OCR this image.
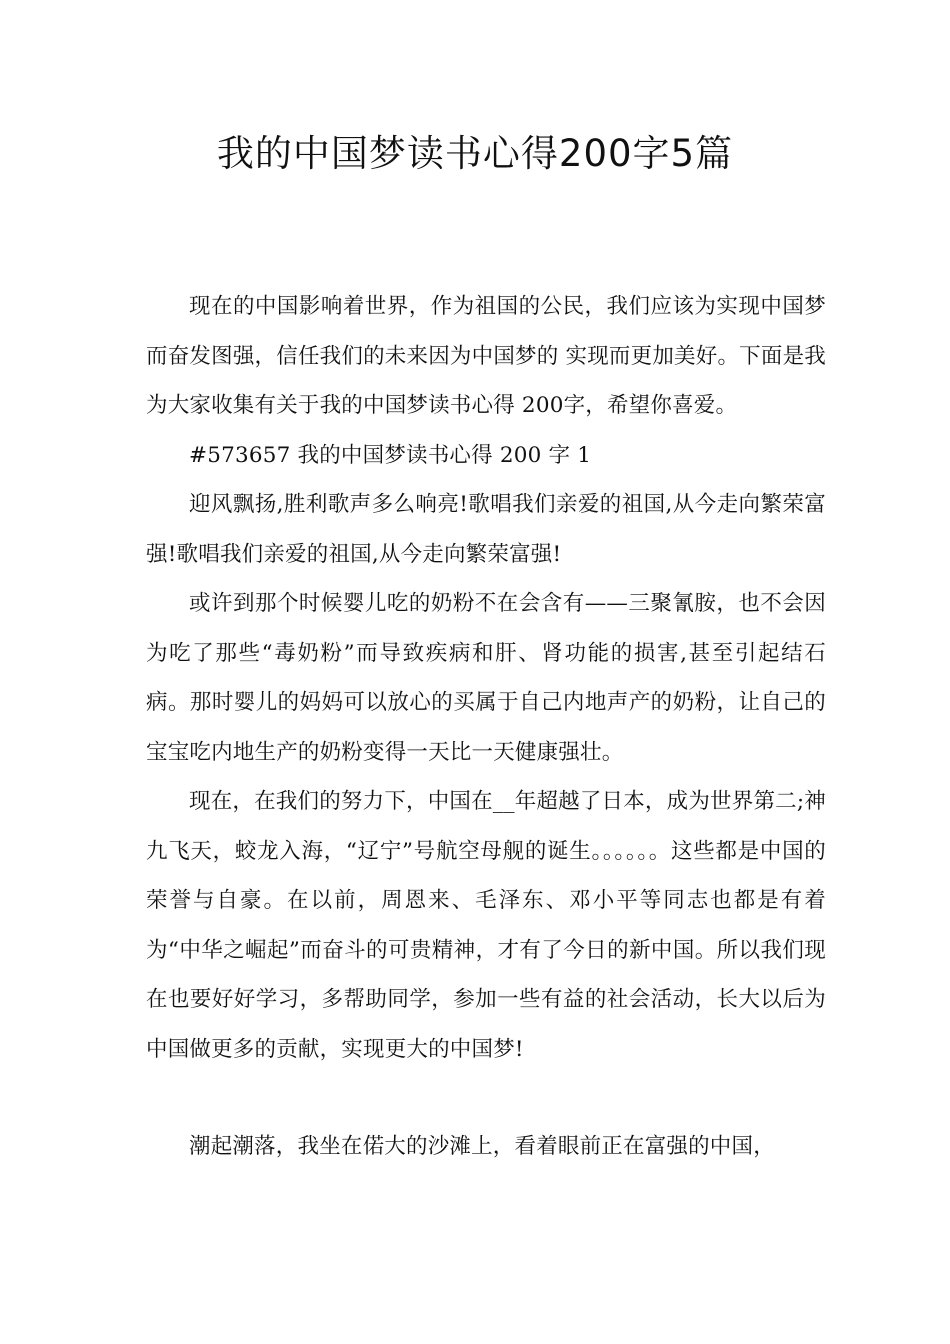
我的中国梦读书心得200字5篇

现在的中国影响着世界，作为祖国的公民，我们应该为实现中国梦而奋发图强，信任我们的未来因为中国梦的 实现而更加美好。下面是我为大家收集有关于我的中国梦读书心得 200字，希望你喜爱。

#573657 我的中国梦读书心得 200 字 1

迎风飘扬,胜利歌声多么响亮!歌唱我们亲爱的祖国,从今走向繁荣富强!歌唱我们亲爱的祖国,从今走向繁荣富强!

或许到那个时候婴儿吃的奶粉不在会含有——三聚氰胺，也不会因为吃了那些“毒奶粉”而导致疾病和肝、肾功能的损害,甚至引起结石病。那时婴儿的妈妈可以放心的买属于自己内地声产的奶粉，让自己的宝宝吃内地生产的奶粉变得一天比一天健康强壮。

现在，在我们的努力下，中国在__年超越了日本，成为世界第二;神九飞天，蛟龙入海，“辽宁”号航空母舰的诞生。。。。。。这些都是中国的荣誉与自豪。在以前，周恩来、毛泽东、邓小平等同志也都是有着为“中华之崛起”而奋斗的可贵精神，才有了今日的新中国。所以我们现在也要好好学习，多帮助同学，参加一些有益的社会活动，长大以后为中国做更多的贡献，实现更大的中国梦!

潮起潮落，我坐在偌大的沙滩上，看着眼前正在富强的中国，
